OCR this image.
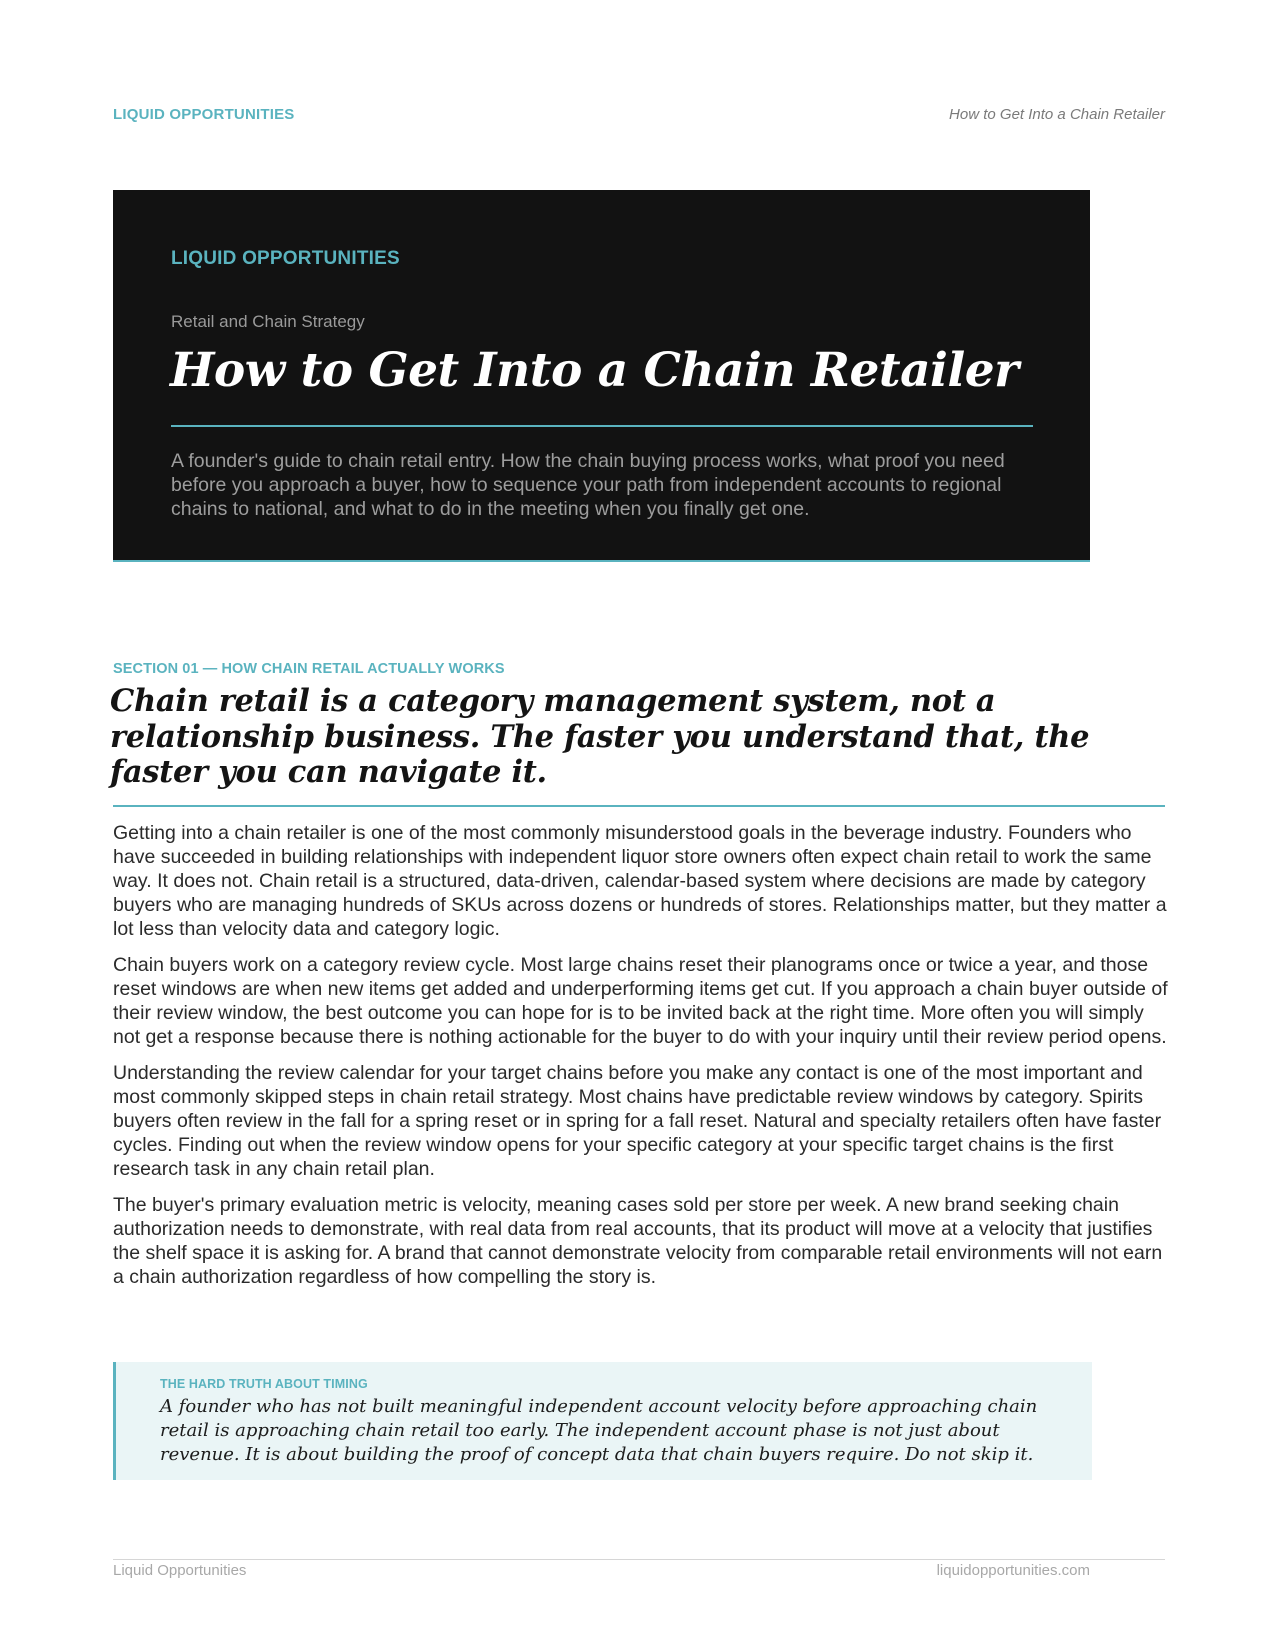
LIQUID OPPORTUNITIES	How to Get Into a Chain Retailer
LIQUID OPPORTUNITIES
Retail and Chain Strategy
How to Get Into a Chain Retailer

A founder's guide to chain retail entry. How the chain buying process works, what proof you need before you approach a buyer, how to sequence your path from independent accounts to regional chains to national, and what to do in the meeting when you finally get one.

SECTION 01 — HOW CHAIN RETAIL ACTUALLY WORKS
Chain retail is a category management system, not a relationship business. The faster you understand that, the faster you can navigate it.

Getting into a chain retailer is one of the most commonly misunderstood goals in the beverage industry. Founders who have succeeded in building relationships with independent liquor store owners often expect chain retail to work the same way. It does not. Chain retail is a structured, data-driven, calendar-based system where decisions are made by category buyers who are managing hundreds of SKUs across dozens or hundreds of stores. Relationships matter, but they matter a lot less than velocity data and category logic.

Chain buyers work on a category review cycle. Most large chains reset their planograms once or twice a year, and those reset windows are when new items get added and underperforming items get cut. If you approach a chain buyer outside of their review window, the best outcome you can hope for is to be invited back at the right time. More often you will simply not get a response because there is nothing actionable for the buyer to do with your inquiry until their review period opens.

Understanding the review calendar for your target chains before you make any contact is one of the most important and most commonly skipped steps in chain retail strategy. Most chains have predictable review windows by category. Spirits buyers often review in the fall for a spring reset or in spring for a fall reset. Natural and specialty retailers often have faster cycles. Finding out when the review window opens for your specific category at your specific target chains is the first research task in any chain retail plan.

The buyer's primary evaluation metric is velocity, meaning cases sold per store per week. A new brand seeking chain authorization needs to demonstrate, with real data from real accounts, that its product will move at a velocity that justifies the shelf space it is asking for. A brand that cannot demonstrate velocity from comparable retail environments will not earn a chain authorization regardless of how compelling the story is.

THE HARD TRUTH ABOUT TIMING

A founder who has not built meaningful independent account velocity before approaching chain retail is approaching chain retail too early. The independent account phase is not just about revenue. It is about building the proof of concept data that chain buyers require. Do not skip it.

Liquid Opportunities	liquidopportunities.com
